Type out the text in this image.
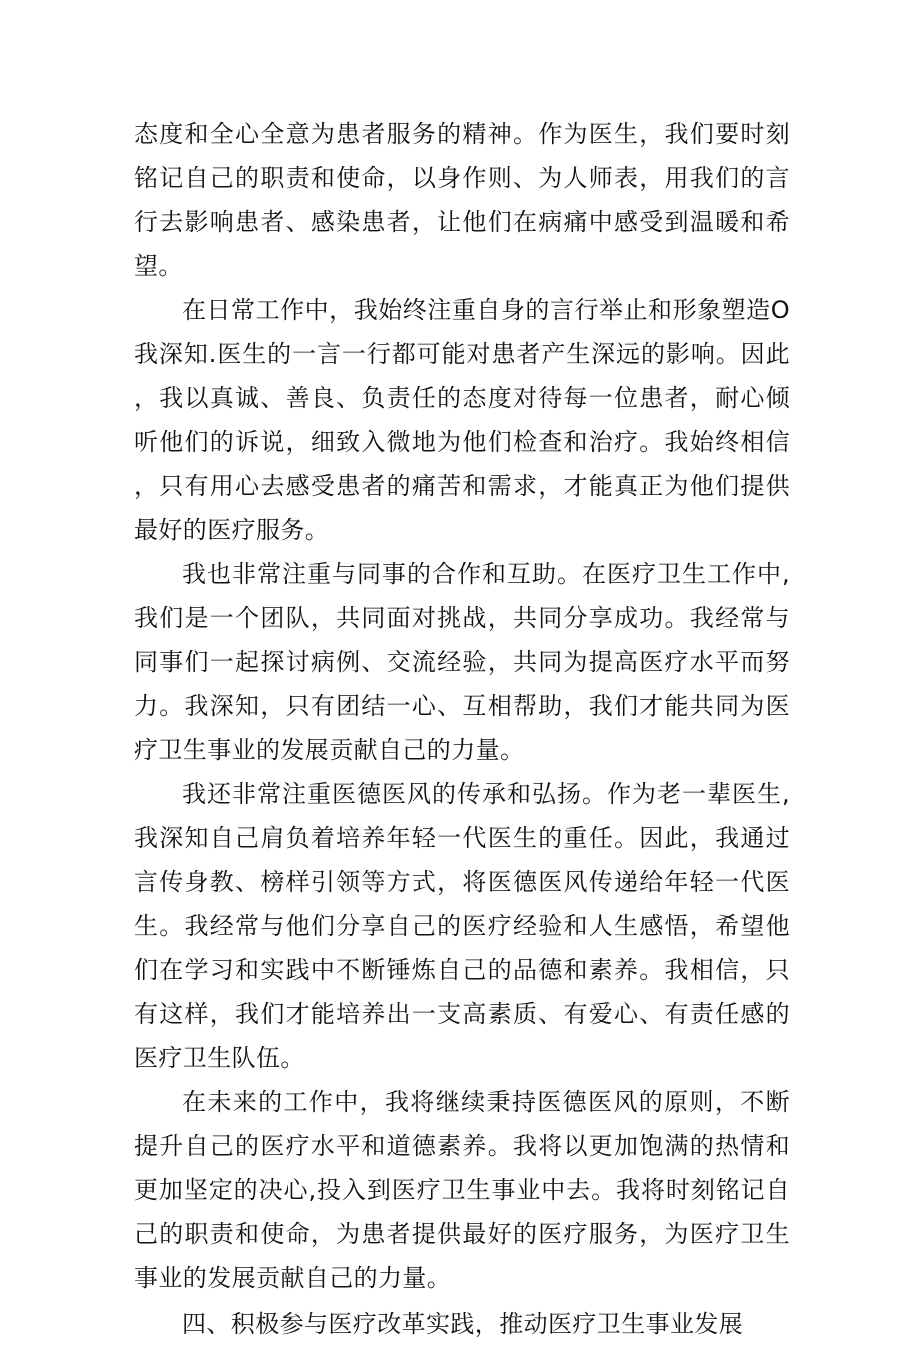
态度和全心全意为患者服务的精神。作为医生，我们要时刻铭记自己的职责和使命，以身作则、为人师表，用我们的言行去影响患者、感染患者，让他们在病痛中感受到温暖和希望。

在日常工作中，我始终注重自身的言行举止和形象塑造O我深知.医生的一言一行都可能对患者产生深远的影响。因此，我以真诚、善良、负责任的态度对待每一位患者，耐心倾听他们的诉说，细致入微地为他们检查和治疗。我始终相信，只有用心去感受患者的痛苦和需求，才能真正为他们提供最好的医疗服务。

我也非常注重与同事的合作和互助。在医疗卫生工作中,我们是一个团队，共同面对挑战，共同分享成功。我经常与同事们一起探讨病例、交流经验，共同为提高医疗水平而努力。我深知，只有团结一心、互相帮助，我们才能共同为医疗卫生事业的发展贡献自己的力量。

我还非常注重医德医风的传承和弘扬。作为老一辈医生,我深知自己肩负着培养年轻一代医生的重任。因此，我通过言传身教、榜样引领等方式，将医德医风传递给年轻一代医生。我经常与他们分享自己的医疗经验和人生感悟，希望他们在学习和实践中不断锤炼自己的品德和素养。我相信，只有这样，我们才能培养出一支高素质、有爱心、有责任感的医疗卫生队伍。

在未来的工作中，我将继续秉持医德医风的原则，不断提升自己的医疗水平和道德素养。我将以更加饱满的热情和更加坚定的决心,投入到医疗卫生事业中去。我将时刻铭记自己的职责和使命，为患者提供最好的医疗服务，为医疗卫生事业的发展贡献自己的力量。

四、积极参与医疗改革实践，推动医疗卫生事业发展
